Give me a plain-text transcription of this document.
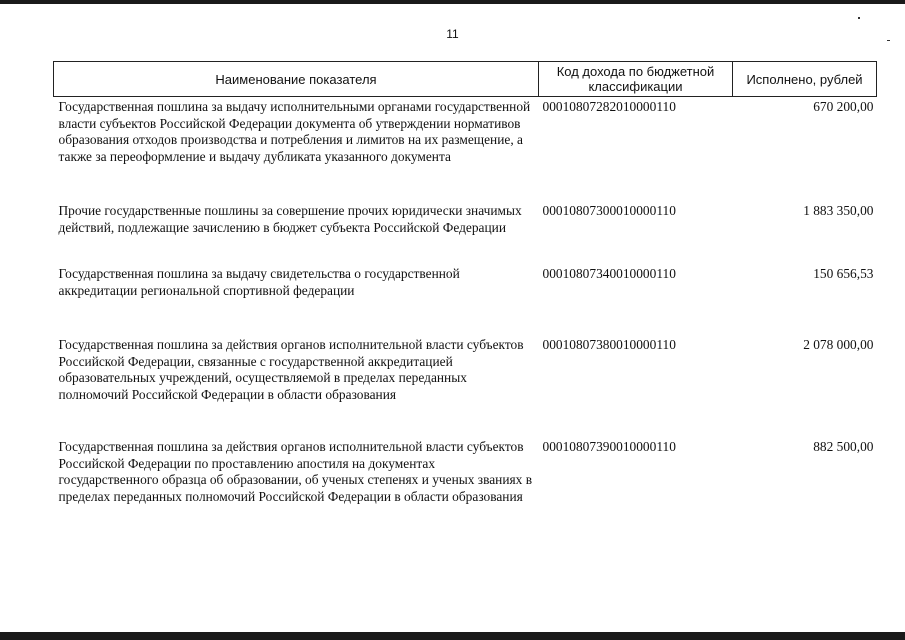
11
Наименование показателя	Код дохода по бюджетной классификации	Исполнено, рублей
Государственная пошлина за выдачу исполнительными органами государственной власти субъектов Российской Федерации документа об утверждении нормативов образования отходов производства и потребления и лимитов на их размещение, а также за переоформление и выдачу дубликата указанного документа	00010807282010000110	670 200,00
Прочие государственные пошлины за совершение прочих юридически значимых действий, подлежащие зачислению в бюджет субъекта Российской Федерации	00010807300010000110	1 883 350,00
Государственная пошлина за выдачу свидетельства о государственной аккредитации региональной спортивной федерации	00010807340010000110	150 656,53
Государственная пошлина за действия органов исполнительной власти субъектов Российской Федерации, связанные с государственной аккредитацией образовательных учреждений, осуществляемой в пределах переданных полномочий Российской Федерации в области образования	00010807380010000110	2 078 000,00
Государственная пошлина за действия органов исполнительной власти субъектов Российской Федерации по проставлению апостиля на документах государственного образца об образовании, об ученых степенях и ученых званиях в пределах переданных полномочий Российской Федерации в области образования	00010807390010000110	882 500,00
